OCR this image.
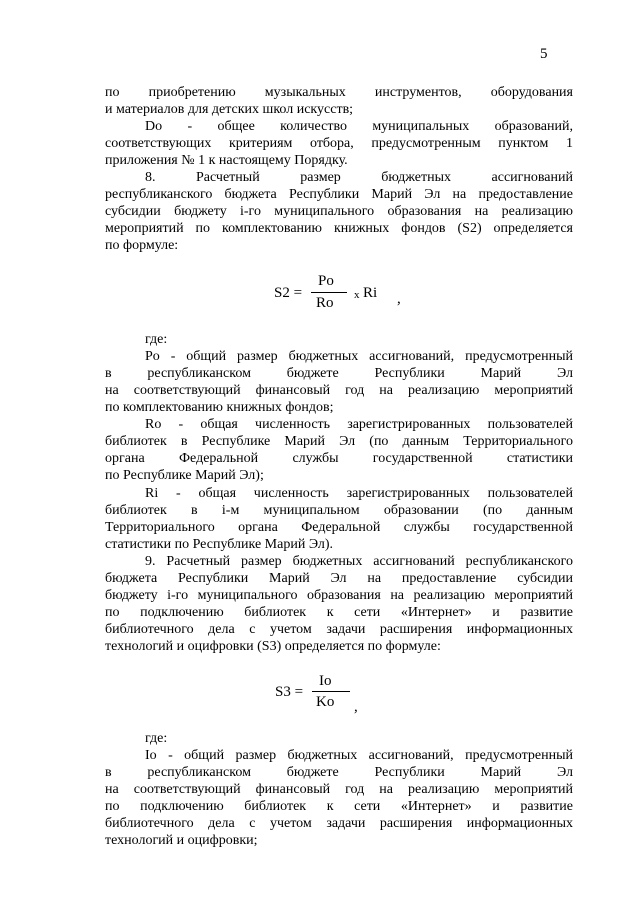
5
по приобретению музыкальных инструментов, оборудования
и материалов для детских школ искусств;
Do - общее количество муниципальных образований,
соответствующих критериям отбора, предусмотренным пунктом 1
приложения № 1 к настоящему Порядку.
8. Расчетный размер бюджетных ассигнований
республиканского бюджета Республики Марий Эл на предоставление
субсидии бюджету i-го муниципального образования на реализацию
мероприятий по комплектованию книжных фондов (S2) определяется
по формуле:
S2 =
Po
Ro x Ri ,
где:
Po - общий размер бюджетных ассигнований, предусмотренный
в республиканском бюджете Республики Марий Эл
на соответствующий финансовый год на реализацию мероприятий
по комплектованию книжных фондов;
Ro - общая численность зарегистрированных пользователей
библиотек в Республике Марий Эл (по данным Территориального
органа Федеральной службы государственной статистики
по Республике Марий Эл);
Ri - общая численность зарегистрированных пользователей
библиотек в i-м муниципальном образовании (по данным
Территориального органа Федеральной службы государственной
статистики по Республике Марий Эл).
9. Расчетный размер бюджетных ассигнований республиканского
бюджета Республики Марий Эл на предоставление субсидии
бюджету i-го муниципального образования на реализацию мероприятий
по подключению библиотек к сети «Интернет» и развитие
библиотечного дела с учетом задачи расширения информационных
технологий и оцифровки (S3) определяется по формуле:
S3 =
Io
Ko ,
где:
Io - общий размер бюджетных ассигнований, предусмотренный
в республиканском бюджете Республики Марий Эл
на соответствующий финансовый год на реализацию мероприятий
по подключению библиотек к сети «Интернет» и развитие
библиотечного дела с учетом задачи расширения информационных
технологий и оцифровки;
